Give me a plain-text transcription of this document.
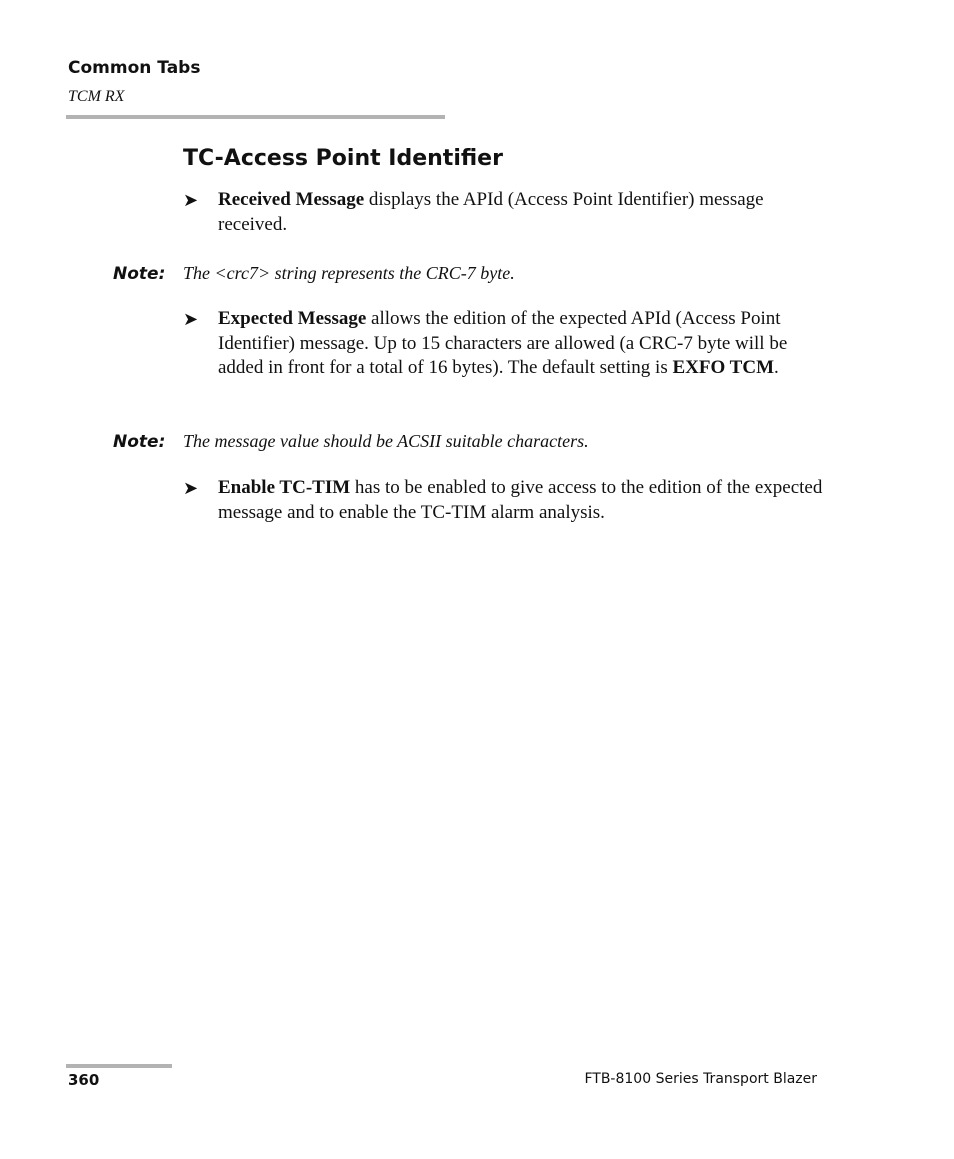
Common Tabs
TCM RX
TC-Access Point Identifier
➤ Received Message displays the APId (Access Point Identifier) message received.
Note: The <crc7> string represents the CRC-7 byte.
➤ Expected Message allows the edition of the expected APId (Access Point Identifier) message. Up to 15 characters are allowed (a CRC-7 byte will be added in front for a total of 16 bytes). The default setting is EXFO TCM.
Note: The message value should be ACSII suitable characters.
➤ Enable TC-TIM has to be enabled to give access to the edition of the expected message and to enable the TC-TIM alarm analysis.
360	FTB-8100 Series Transport Blazer
